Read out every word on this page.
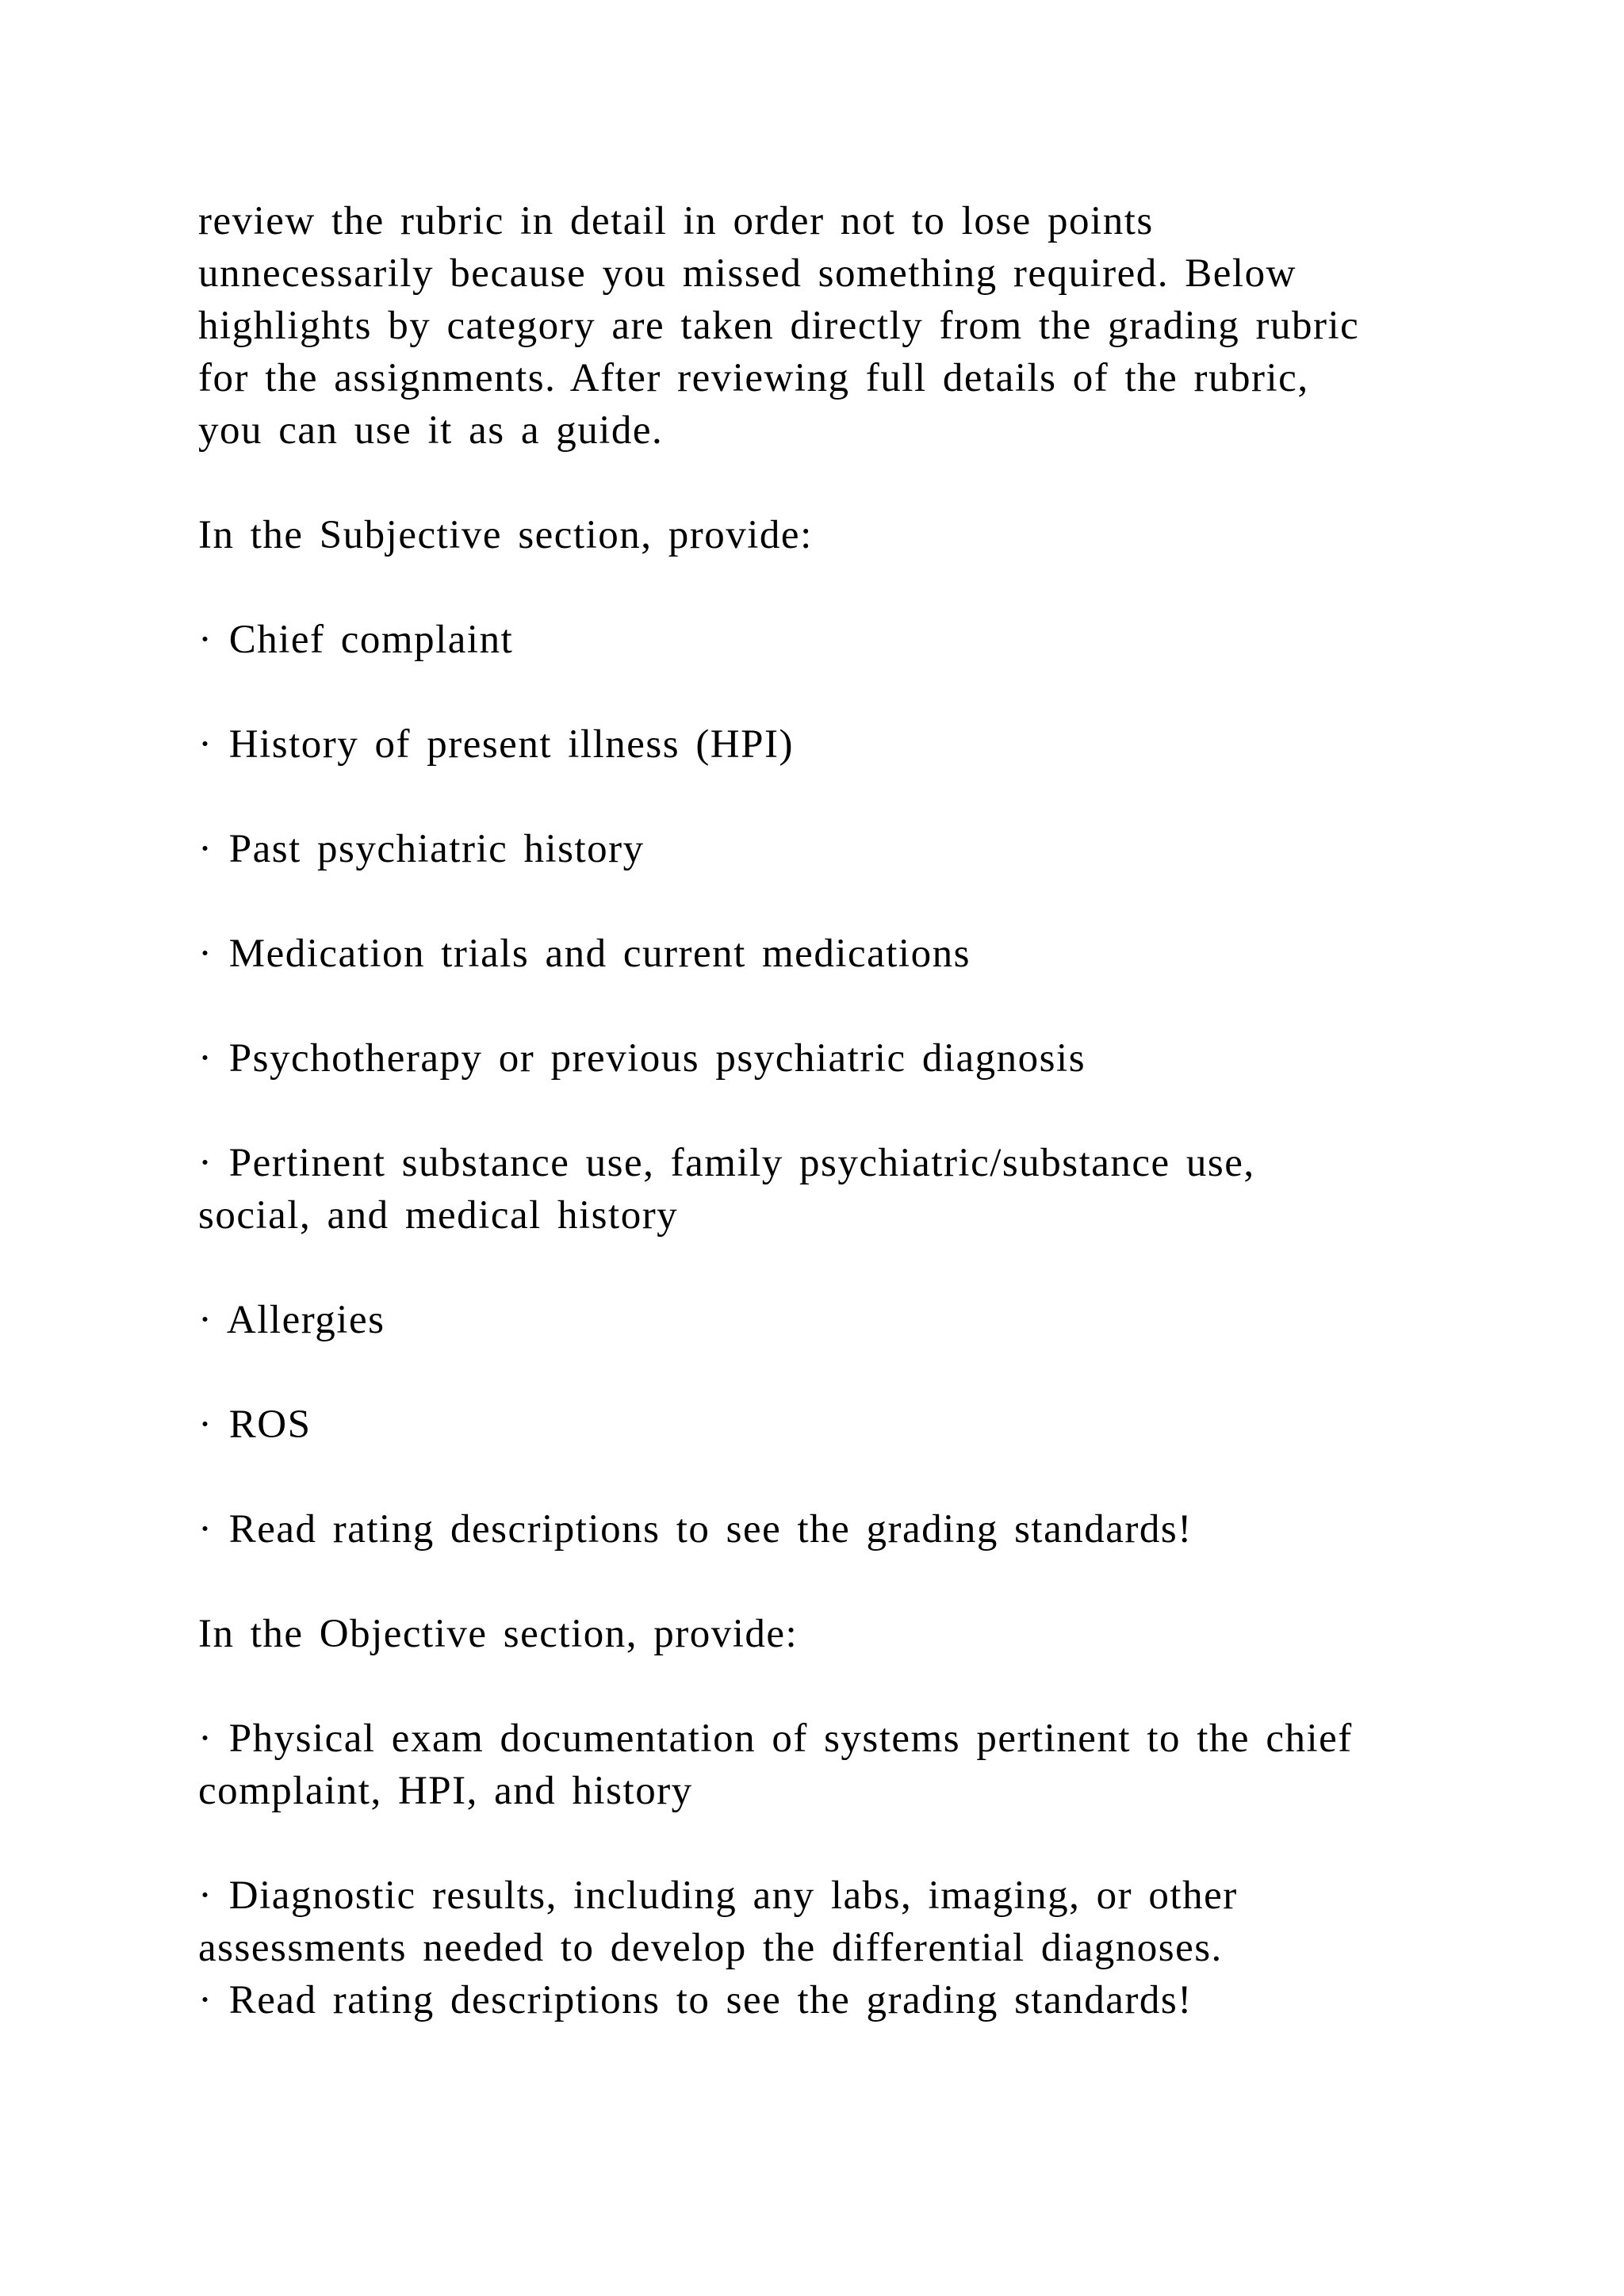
review the rubric in detail in order not to lose points
unnecessarily because you missed something required. Below
highlights by category are taken directly from the grading rubric
for the assignments. After reviewing full details of the rubric,
you can use it as a guide.

In the Subjective section, provide:

· Chief complaint

· History of present illness (HPI)

· Past psychiatric history

· Medication trials and current medications

· Psychotherapy or previous psychiatric diagnosis

· Pertinent substance use, family psychiatric/substance use,
social, and medical history

· Allergies

· ROS

· Read rating descriptions to see the grading standards!

In the Objective section, provide:

· Physical exam documentation of systems pertinent to the chief
complaint, HPI, and history

· Diagnostic results, including any labs, imaging, or other
assessments needed to develop the differential diagnoses.

· Read rating descriptions to see the grading standards!
